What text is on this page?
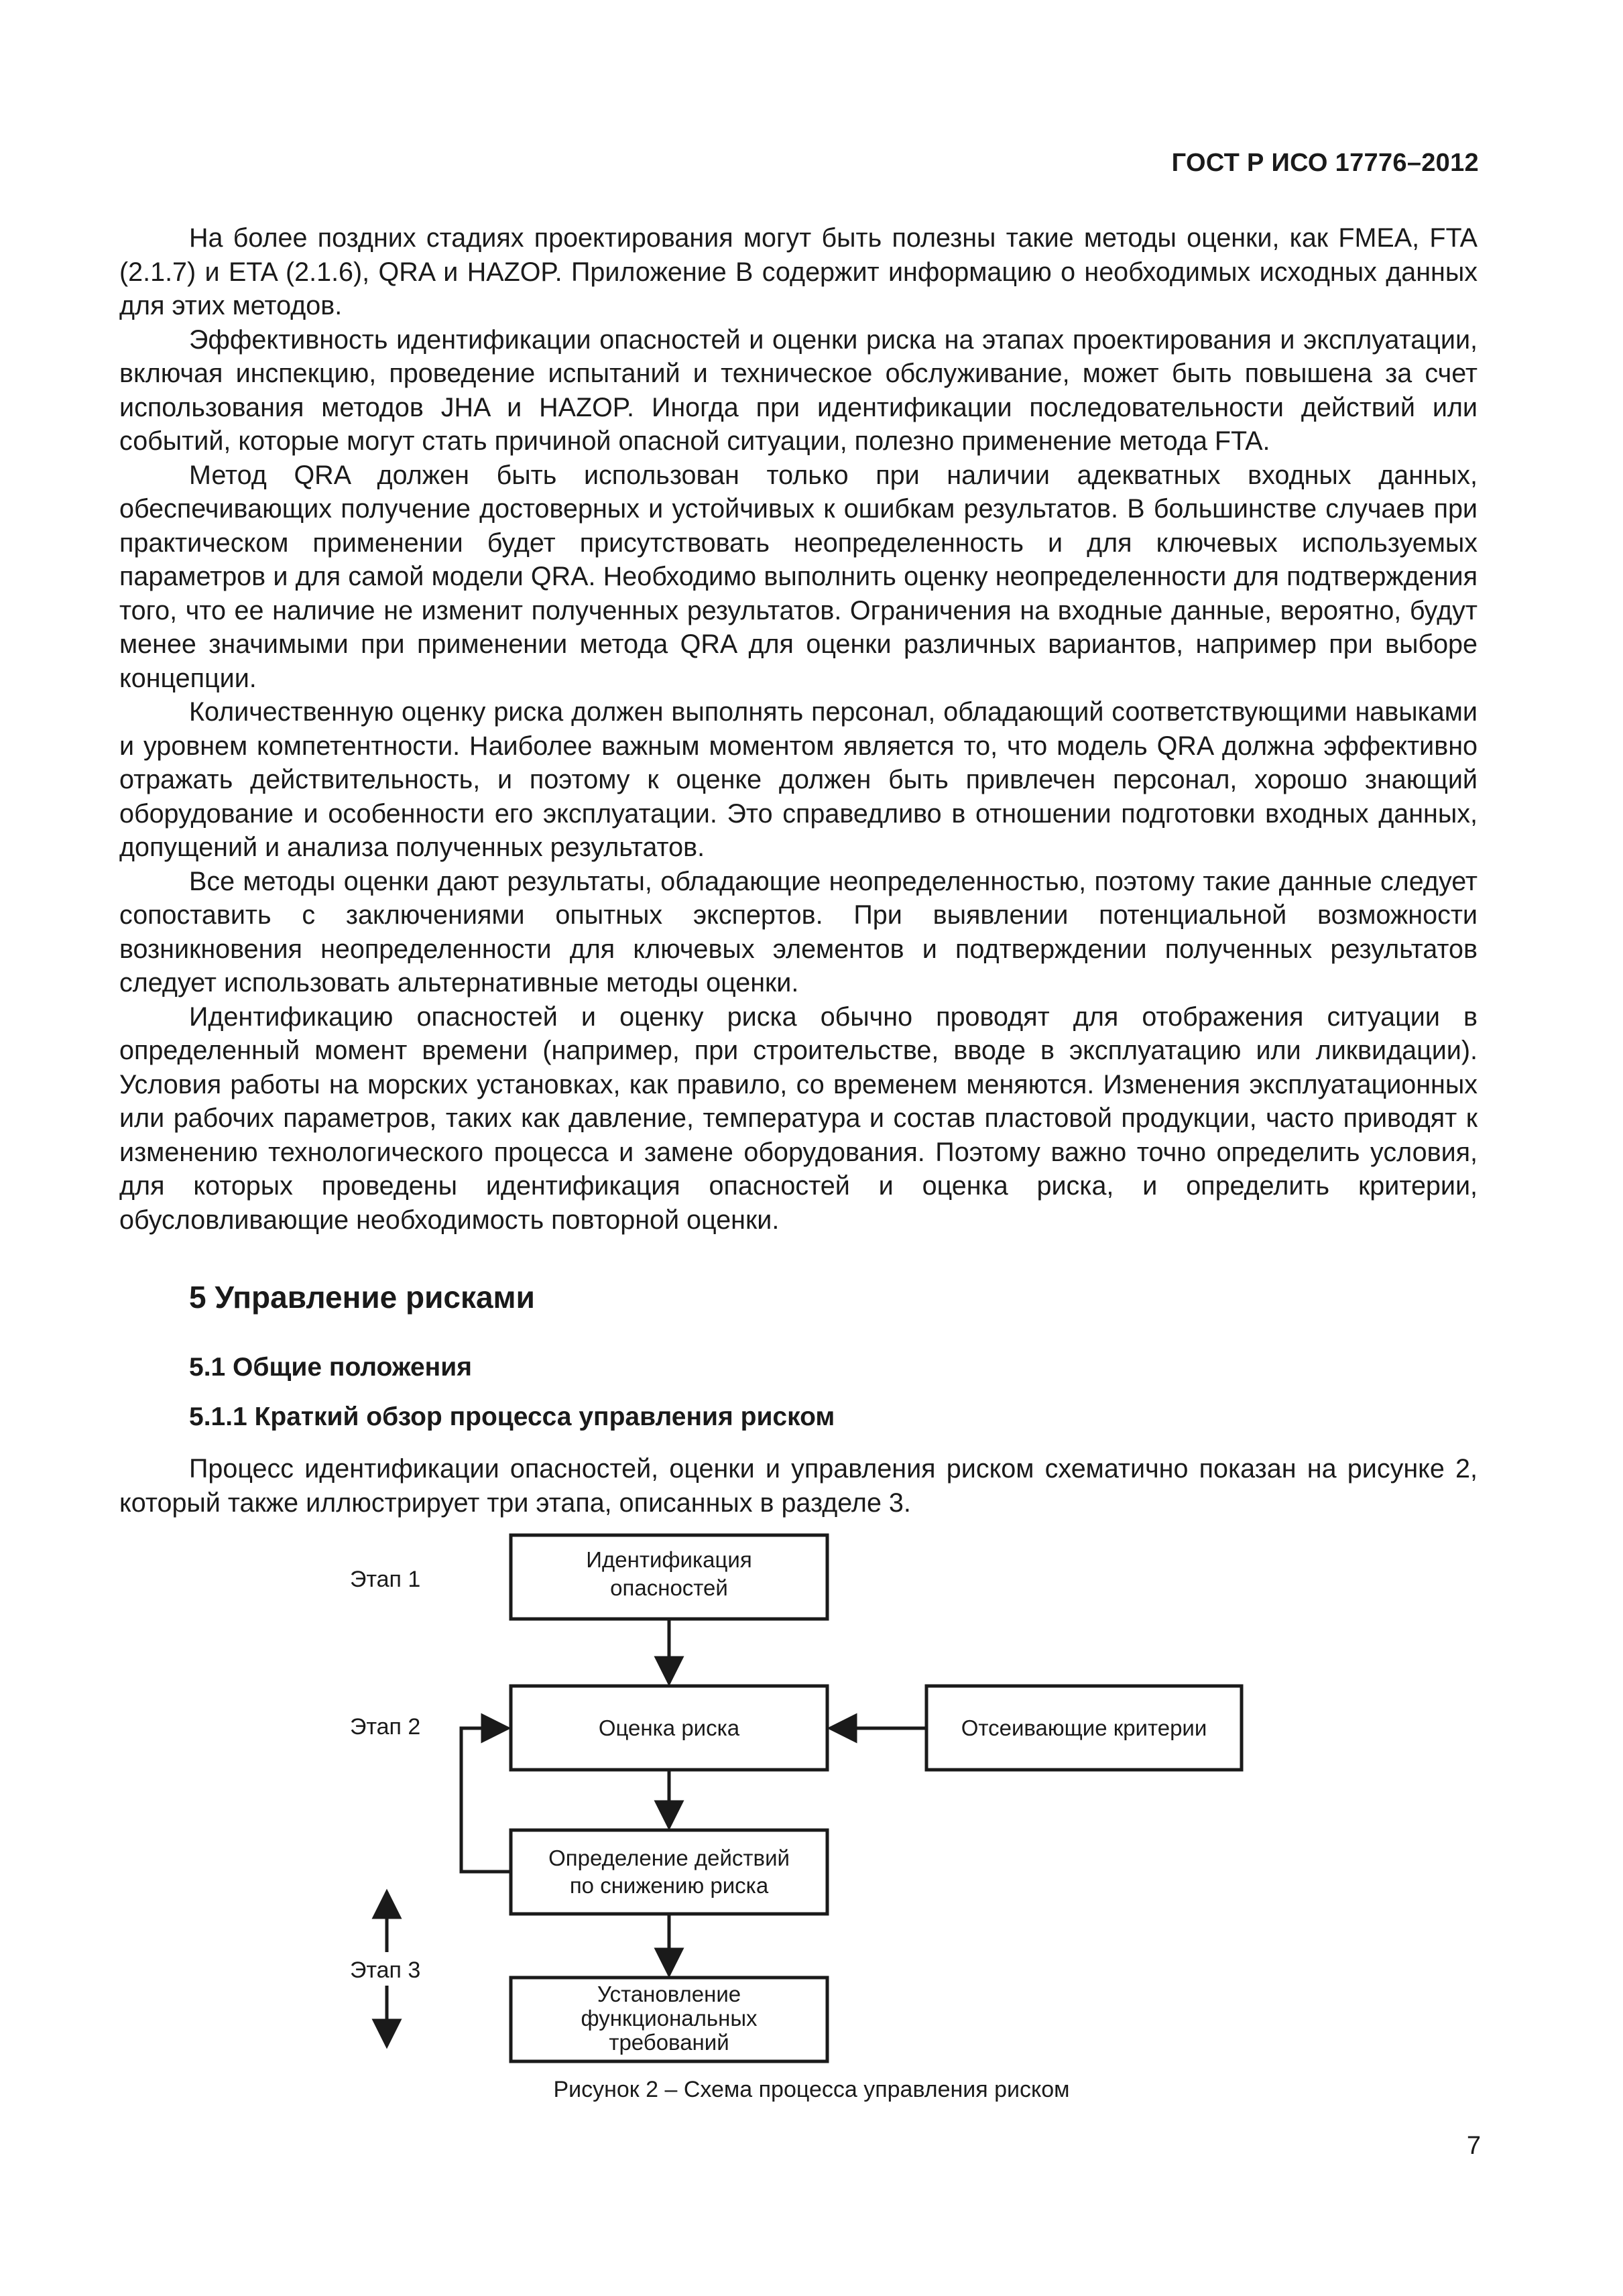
ГОСТ Р ИСО 17776–2012

На более поздних стадиях проектирования могут быть полезны такие методы оценки, как FMEA, FTA (2.1.7) и ETA (2.1.6), QRA и HAZOP. Приложение В содержит информацию о необходимых исходных данных для этих методов.

Эффективность идентификации опасностей и оценки риска на этапах проектирования и эксплуатации, включая инспекцию, проведение испытаний и техническое обслуживание, может быть повышена за счет использования методов JHA и HAZOP. Иногда при идентификации последовательности действий или событий, которые могут стать причиной опасной ситуации, полезно применение метода FTA.

Метод QRA должен быть использован только при наличии адекватных входных данных, обеспечивающих получение достоверных и устойчивых к ошибкам результатов. В большинстве случаев при практическом применении будет присутствовать неопределенность и для ключевых используемых параметров и для самой модели QRA. Необходимо выполнить оценку неопределенности для подтверждения того, что ее наличие не изменит полученных результатов. Ограничения на входные данные, вероятно, будут менее значимыми при применении метода QRA для оценки различных вариантов, например при выборе концепции.

Количественную оценку риска должен выполнять персонал, обладающий соответствующими навыками и уровнем компетентности. Наиболее важным моментом является то, что модель QRA должна эффективно отражать действительность, и поэтому к оценке должен быть привлечен персонал, хорошо знающий оборудование и особенности его эксплуатации. Это справедливо в отношении подготовки входных данных, допущений и анализа полученных результатов.

Все методы оценки дают результаты, обладающие неопределенностью, поэтому такие данные следует сопоставить с заключениями опытных экспертов. При выявлении потенциальной возможности возникновения неопределенности для ключевых элементов и подтверждении полученных результатов следует использовать альтернативные методы оценки.

Идентификацию опасностей и оценку риска обычно проводят для отображения ситуации в определенный момент времени (например, при строительстве, вводе в эксплуатацию или ликвидации). Условия работы на морских установках, как правило, со временем меняются. Изменения эксплуатационных или рабочих параметров, таких как давление, температура и состав пластовой продукции, часто приводят к изменению технологического процесса и замене оборудования. Поэтому важно точно определить условия, для которых проведены идентификация опасностей и оценка риска, и определить критерии, обусловливающие необходимость повторной оценки.

5 Управление рисками
5.1 Общие положения
5.1.1 Краткий обзор процесса управления риском

Процесс идентификации опасностей, оценки и управления риском схематично показан на рисунке 2, который также иллюстрирует три этапа, описанных в разделе 3.

Этап 1
Этап 2
Этап 3
Идентификация
опасностей
Оценка риска	Отсеивающие критерии
Определение действий
по снижению риска
Установление
функциональных
требований
Рисунок 2 – Схема процесса управления риском
7
